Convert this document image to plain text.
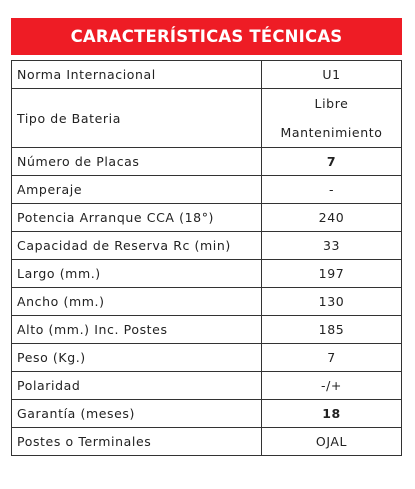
CARACTERÍSTICAS TÉCNICAS
Norma Internacional	U1
Tipo de Bateria	Libre
Mantenimiento

Número de Placas	7
Amperaje	-
Potencia Arranque CCA (18°)	240
Capacidad de Reserva Rc (min)	33
Largo (mm.)	197
Ancho (mm.)	130
Alto (mm.) Inc. Postes	185
Peso (Kg.)	7
Polaridad	-/+
Garantía (meses)	18
Postes o Terminales	OJAL
